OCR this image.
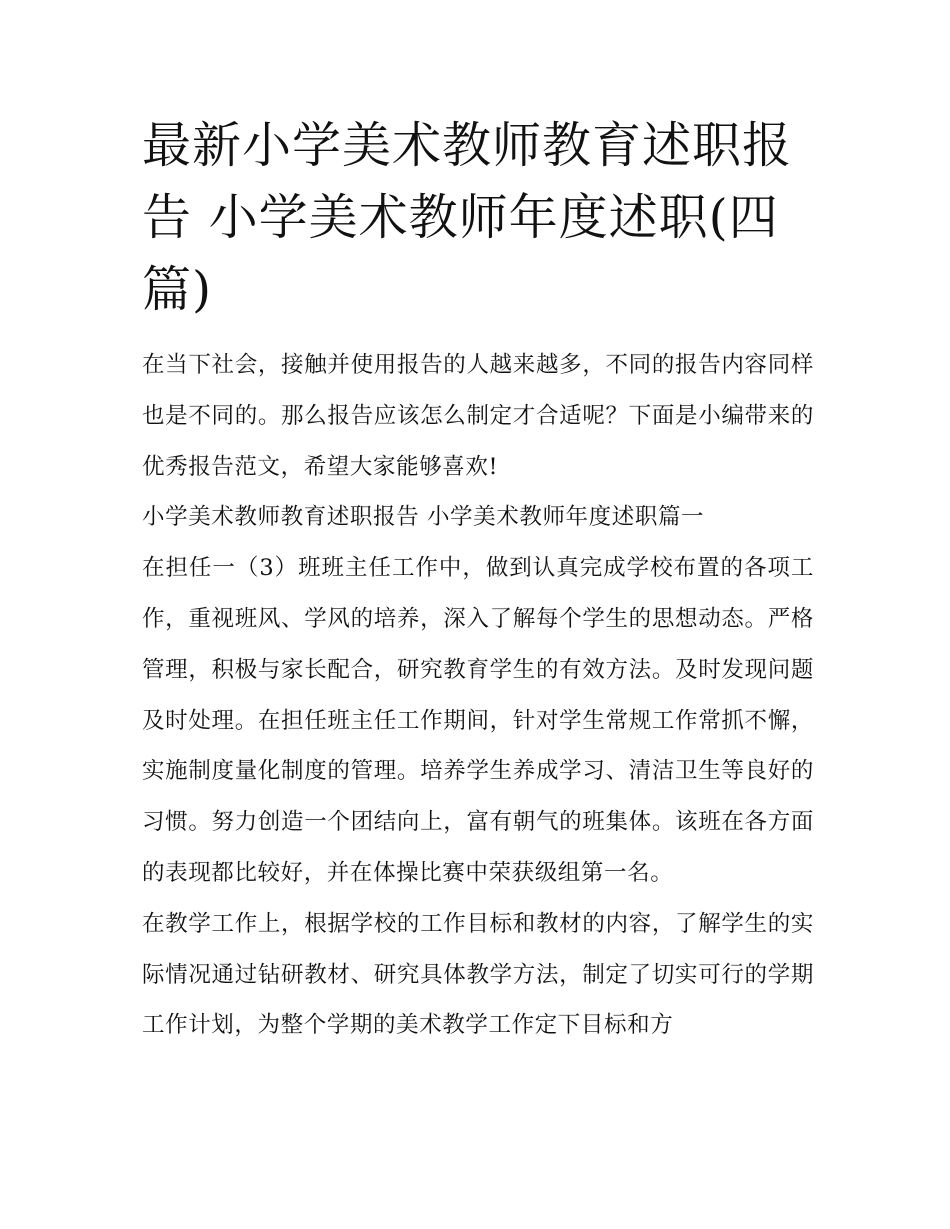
最新小学美术教师教育述职报告 小学美术教师年度述职(四篇)

在当下社会，接触并使用报告的人越来越多，不同的报告内容同样也是不同的。那么报告应该怎么制定才合适呢？下面是小编带来的优秀报告范文，希望大家能够喜欢!

小学美术教师教育述职报告 小学美术教师年度述职篇一

在担任一（3）班班主任工作中，做到认真完成学校布置的各项工作，重视班风、学风的培养，深入了解每个学生的思想动态。严格管理，积极与家长配合，研究教育学生的有效方法。及时发现问题及时处理。在担任班主任工作期间，针对学生常规工作常抓不懈，实施制度量化制度的管理。培养学生养成学习、清洁卫生等良好的习惯。努力创造一个团结向上，富有朝气的班集体。该班在各方面的表现都比较好，并在体操比赛中荣获级组第一名。

在教学工作上，根据学校的工作目标和教材的内容，了解学生的实际情况通过钻研教材、研究具体教学方法，制定了切实可行的学期工作计划，为整个学期的美术教学工作定下目标和方
